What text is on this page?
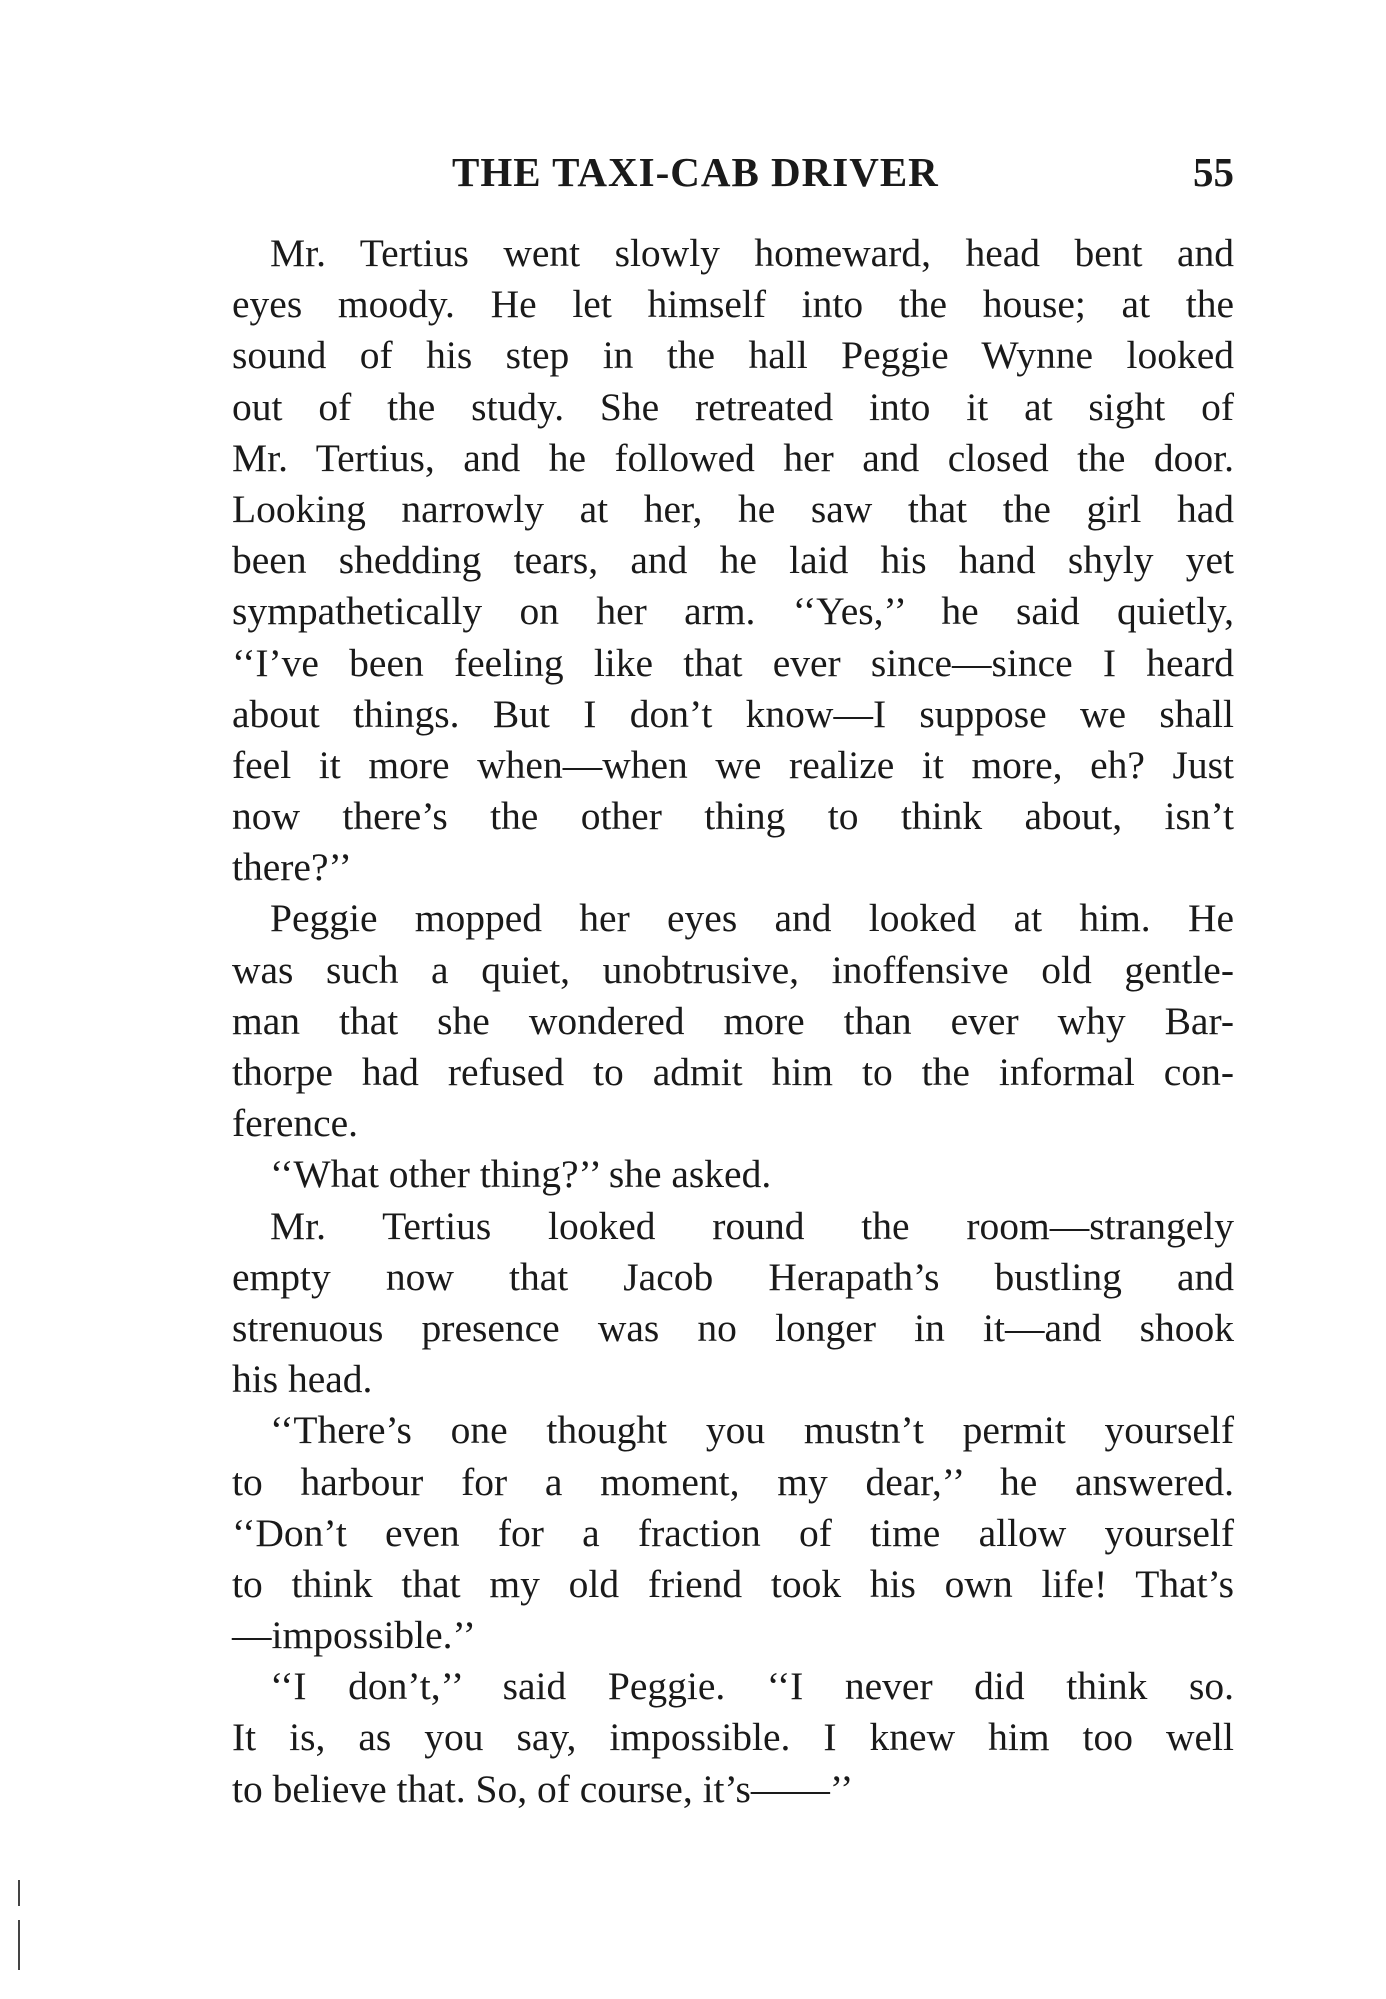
THE TAXI-CAB DRIVER	55
Mr. Tertius went slowly homeward, head bent and
eyes moody. He let himself into the house; at the
sound of his step in the hall Peggie Wynne looked
out of the study. She retreated into it at sight of
Mr. Tertius, and he followed her and closed the door.
Looking narrowly at her, he saw that the girl had
been shedding tears, and he laid his hand shyly yet
sympathetically on her arm. ‘‘Yes,’’ he said quietly,
‘‘I’ve been feeling like that ever since—since I heard
about things. But I don’t know—I suppose we shall
feel it more when—when we realize it more, eh? Just
now there’s the other thing to think about, isn’t
there?’’
Peggie mopped her eyes and looked at him. He
was such a quiet, unobtrusive, inoffensive old gentle-
man that she wondered more than ever why Bar-
thorpe had refused to admit him to the informal con-
ference.
‘‘What other thing?’’ she asked.
Mr. Tertius looked round the room—strangely
empty now that Jacob Herapath’s bustling and
strenuous presence was no longer in it—and shook
his head.
‘‘There’s one thought you mustn’t permit yourself
to harbour for a moment, my dear,’’ he answered.
‘‘Don’t even for a fraction of time allow yourself
to think that my old friend took his own life! That’s
—impossible.’’
‘‘I don’t,’’ said Peggie. ‘‘I never did think so.
It is, as you say, impossible. I knew him too well
to believe that. So, of course, it’s——’’
